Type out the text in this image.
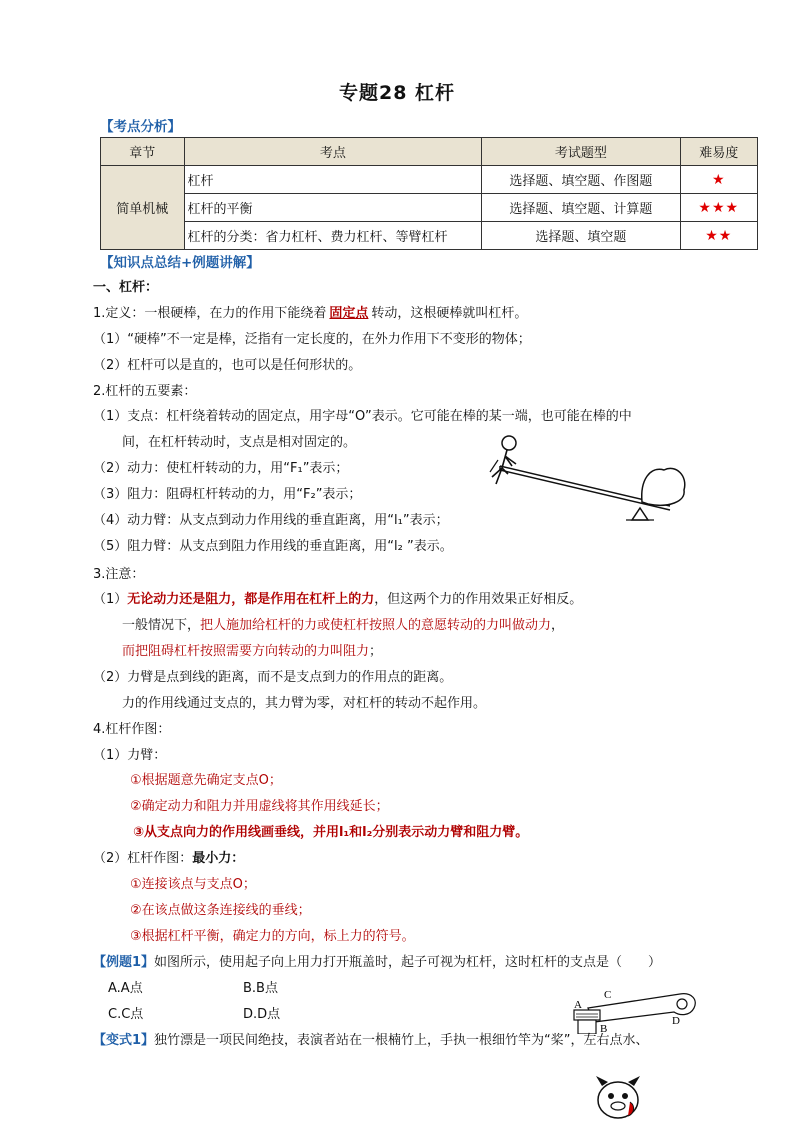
专题28 杠杆
【考点分析】
章节	考点	考试题型	难易度
简单机械	杠杆	选择题、填空题、作图题	★
	杠杆的平衡	选择题、填空题、计算题	★★★
	杠杆的分类：省力杠杆、费力杠杆、等臂杠杆	选择题、填空题	★★
【知识点总结+例题讲解】
一、杠杆：
1.定义：一根硬棒，在力的作用下能绕着 固定点 转动，这根硬棒就叫杠杆。
（1）“硬棒”不一定是棒，泛指有一定长度的，在外力作用下不变形的物体；
（2）杠杆可以是直的，也可以是任何形状的。
2.杠杆的五要素：
（1）支点：杠杆绕着转动的固定点，用字母“O”表示。它可能在棒的某一端，也可能在棒的中
间，在杠杆转动时，支点是相对固定的。
（2）动力：使杠杆转动的力，用“F₁”表示；
（3）阻力：阻碍杠杆转动的力，用“F₂”表示；
（4）动力臂：从支点到动力作用线的垂直距离，用“l₁”表示；
（5）阻力臂：从支点到阻力作用线的垂直距离，用“l₂ ”表示。
3.注意：
（1）无论动力还是阻力，都是作用在杠杆上的力，但这两个力的作用效果正好相反。
一般情况下，把人施加给杠杆的力或使杠杆按照人的意愿转动的力叫做动力，
而把阻碍杠杆按照需要方向转动的力叫阻力；
（2）力臂是点到线的距离，而不是支点到力的作用点的距离。
力的作用线通过支点的，其力臂为零，对杠杆的转动不起作用。
4.杠杆作图：
（1）力臂：
①根据题意先确定支点O；
②确定动力和阻力并用虚线将其作用线延长；
③从支点向力的作用线画垂线，并用l₁和l₂分别表示动力臂和阻力臂。
（2）杠杆作图：最小力：
①连接该点与支点O；
②在该点做这条连接线的垂线；
③根据杠杆平衡，确定力的方向，标上力的符号。
【例题1】如图所示，使用起子向上用力打开瓶盖时，起子可视为杠杆，这时杠杆的支点是（　　）
A.A点	B.B点
C.C点	D.D点
A
C
B
D
【变式1】独竹漂是一项民间绝技，表演者站在一根楠竹上，手执一根细竹竿为“桨”，左右点水、
